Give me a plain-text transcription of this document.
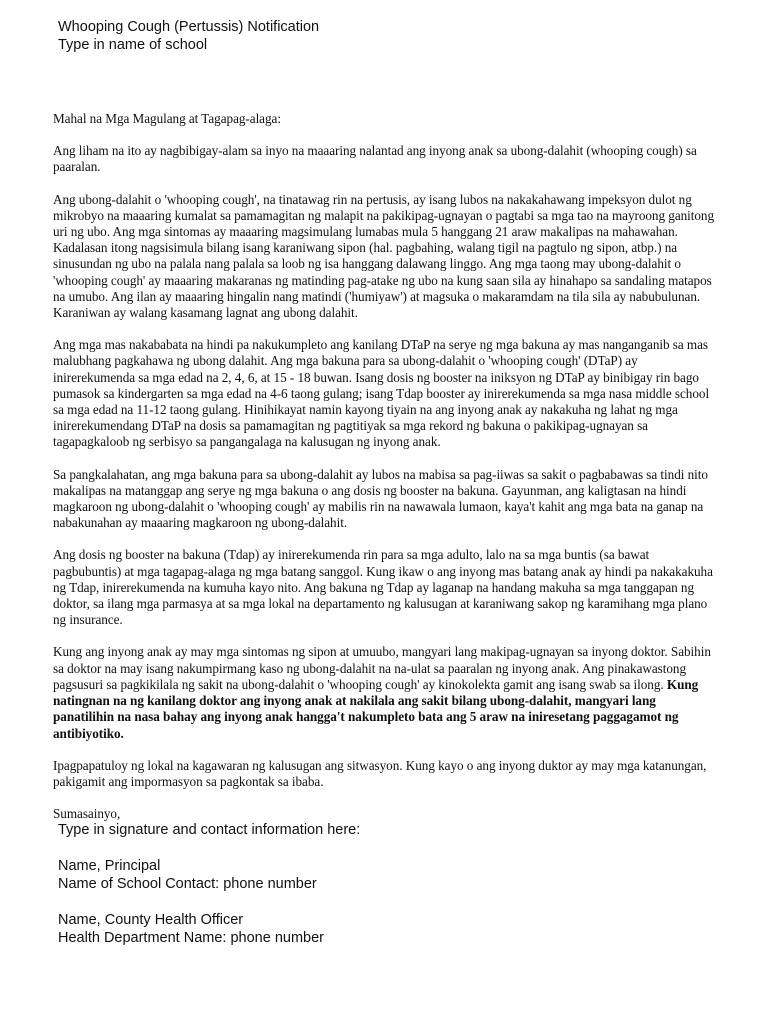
Whooping Cough (Pertussis) Notification
Type in name of school

Mahal na Mga Magulang at Tagapag-alaga:

Ang liham na ito ay nagbibigay-alam sa inyo na maaaring nalantad ang inyong anak sa ubong-dalahit (whooping cough) sa paaralan.

Ang ubong-dalahit o 'whooping cough', na tinatawag rin na pertusis, ay isang lubos na nakakahawang impeksyon dulot ng mikrobyo na maaaring kumalat sa pamamagitan ng malapit na pakikipag-ugnayan o pagtabi sa mga tao na mayroong ganitong uri ng ubo. Ang mga sintomas ay maaaring magsimulang lumabas mula 5 hanggang 21 araw makalipas na mahawahan. Kadalasan itong nagsisimula bilang isang karaniwang sipon (hal. pagbahing, walang tigil na pagtulo ng sipon, atbp.) na sinusundan ng ubo na palala nang palala sa loob ng isa hanggang dalawang linggo. Ang mga taong may ubong-dalahit o 'whooping cough' ay maaaring makaranas ng matinding pag-atake ng ubo na kung saan sila ay hinahapo sa sandaling matapos na umubo. Ang ilan ay maaaring hingalin nang matindi ('humiyaw') at magsuka o makaramdam na tila sila ay nabubulunan. Karaniwan ay walang kasamang lagnat ang ubong dalahit.

Ang mga mas nakababata na hindi pa nakukumpleto ang kanilang DTaP na serye ng mga bakuna ay mas nanganganib sa mas malubhang pagkahawa ng ubong dalahit. Ang mga bakuna para sa ubong-dalahit o 'whooping cough' (DTaP) ay inirerekumenda sa mga edad na 2, 4, 6, at 15 - 18 buwan. Isang dosis ng booster na iniksyon ng DTaP ay binibigay rin bago pumasok sa kindergarten sa mga edad na 4-6 taong gulang; isang Tdap booster ay inirerekumenda sa mga nasa middle school sa mga edad na 11-12 taong gulang. Hinihikayat namin kayong tiyain na ang inyong anak ay nakakuha ng lahat ng mga inirerekumendang DTaP na dosis sa pamamagitan ng pagtitiyak sa mga rekord ng bakuna o pakikipag-ugnayan sa tagapagkaloob ng serbisyo sa pangangalaga na kalusugan ng inyong anak.

Sa pangkalahatan, ang mga bakuna para sa ubong-dalahit ay lubos na mabisa sa pag-iiwas sa sakit o pagbabawas sa tindi nito makalipas na matanggap ang serye ng mga bakuna o ang dosis ng booster na bakuna. Gayunman, ang kaligtasan na hindi magkaroon ng ubong-dalahit o 'whooping cough' ay mabilis rin na nawawala lumaon, kaya't kahit ang mga bata na ganap na nabakunahan ay maaaring magkaroon ng ubong-dalahit.

Ang dosis ng booster na bakuna (Tdap) ay inirerekumenda rin para sa mga adulto, lalo na sa mga buntis (sa bawat pagbubuntis) at mga tagapag-alaga ng mga batang sanggol. Kung ikaw o ang inyong mas batang anak ay hindi pa nakakakuha ng Tdap, inirerekumenda na kumuha kayo nito. Ang bakuna ng Tdap ay laganap na handang makuha sa mga tanggapan ng doktor, sa ilang mga parmasya at sa mga lokal na departamento ng kalusugan at karaniwang sakop ng karamihang mga plano ng insurance.

Kung ang inyong anak ay may mga sintomas ng sipon at umuubo, mangyari lang makipag-ugnayan sa inyong doktor. Sabihin sa doktor na may isang nakumpirmang kaso ng ubong-dalahit na na-ulat sa paaralan ng inyong anak. Ang pinakawastong pagsusuri sa pagkikilala ng sakit na ubong-dalahit o 'whooping cough' ay kinokolekta gamit ang isang swab sa ilong. Kung natingnan na ng kanilang doktor ang inyong anak at nakilala ang sakit bilang ubong-dalahit, mangyari lang panatilihin na nasa bahay ang inyong anak hangga't nakumpleto bata ang 5 araw na iniresetang paggagamot ng antibiyotiko.

Ipagpapatuloy ng lokal na kagawaran ng kalusugan ang sitwasyon. Kung kayo o ang inyong duktor ay may mga katanungan, pakigamit ang impormasyon sa pagkontak sa ibaba.

Sumasainyo,

Type in signature and contact information here:
Name, Principal
Name of School Contact: phone number
Name, County Health Officer
Health Department Name: phone number
